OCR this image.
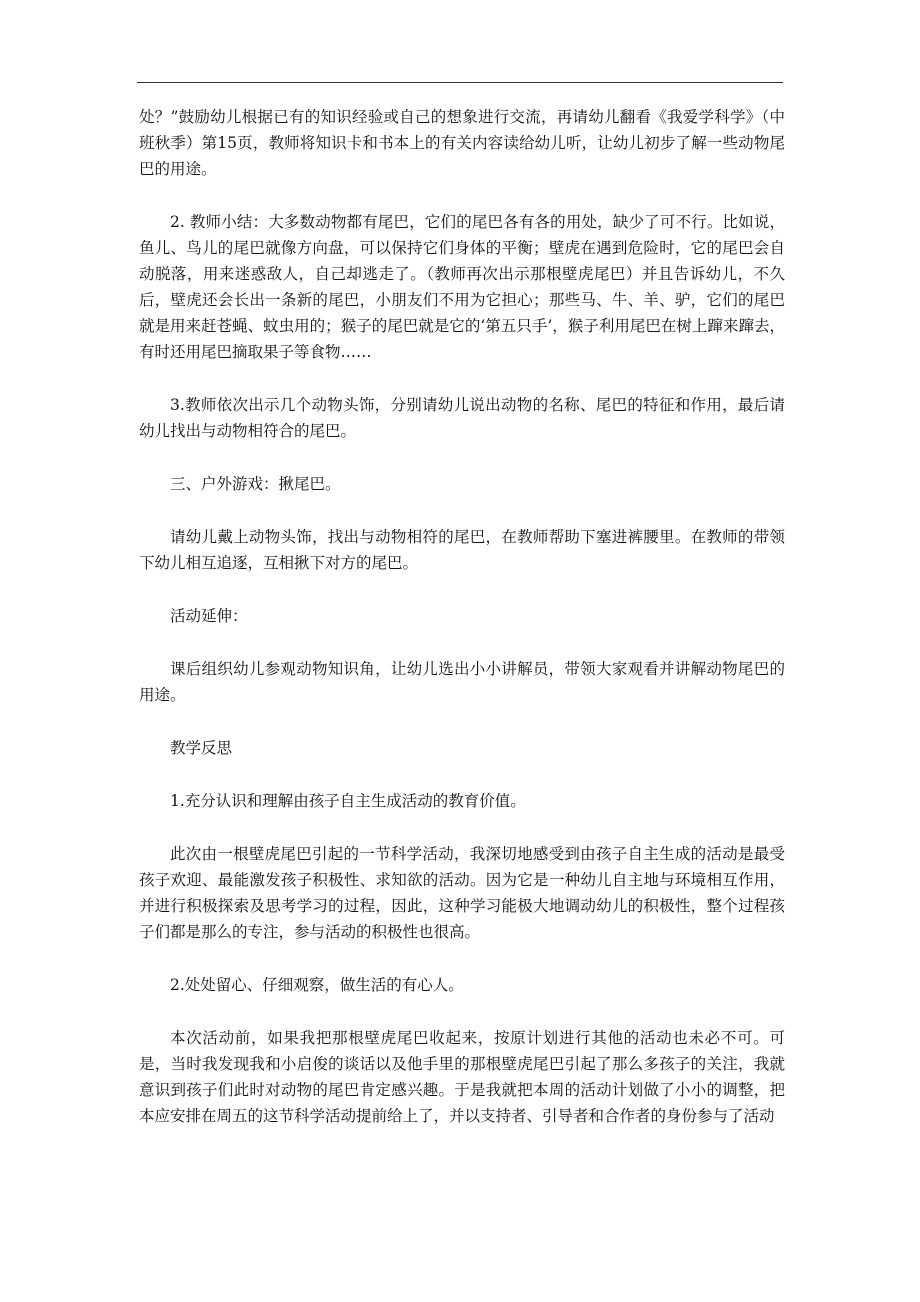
处？”鼓励幼儿根据已有的知识经验或自己的想象进行交流，再请幼儿翻看《我爱学科学》（中班秋季）第15页，教师将知识卡和书本上的有关内容读给幼儿听，让幼儿初步了解一些动物尾巴的用途。

2. 教师小结：大多数动物都有尾巴，它们的尾巴各有各的用处，缺少了可不行。比如说，鱼儿、鸟儿的尾巴就像方向盘，可以保持它们身体的平衡；壁虎在遇到危险时，它的尾巴会自动脱落，用来迷惑敌人，自己却逃走了。（教师再次出示那根壁虎尾巴）并且告诉幼儿，不久后，壁虎还会长出一条新的尾巴，小朋友们不用为它担心；那些马、牛、羊、驴，它们的尾巴就是用来赶苍蝇、蚊虫用的；猴子的尾巴就是它的‘第五只手’，猴子利用尾巴在树上蹿来蹿去，有时还用尾巴摘取果子等食物……

3.教师依次出示几个动物头饰，分别请幼儿说出动物的名称、尾巴的特征和作用，最后请幼儿找出与动物相符合的尾巴。

三、户外游戏：揪尾巴。

请幼儿戴上动物头饰，找出与动物相符的尾巴，在教师帮助下塞进裤腰里。在教师的带领下幼儿相互追逐，互相揪下对方的尾巴。

活动延伸：

课后组织幼儿参观动物知识角，让幼儿选出小小讲解员，带领大家观看并讲解动物尾巴的用途。

教学反思

1.充分认识和理解由孩子自主生成活动的教育价值。

此次由一根壁虎尾巴引起的一节科学活动，我深切地感受到由孩子自主生成的活动是最受孩子欢迎、最能激发孩子积极性、求知欲的活动。因为它是一种幼儿自主地与环境相互作用，并进行积极探索及思考学习的过程，因此，这种学习能极大地调动幼儿的积极性，整个过程孩子们都是那么的专注，参与活动的积极性也很高。

2.处处留心、仔细观察，做生活的有心人。

本次活动前，如果我把那根壁虎尾巴收起来，按原计划进行其他的活动也未必不可。可是，当时我发现我和小启俊的谈话以及他手里的那根壁虎尾巴引起了那么多孩子的关注，我就意识到孩子们此时对动物的尾巴肯定感兴趣。于是我就把本周的活动计划做了小小的调整，把本应安排在周五的这节科学活动提前给上了，并以支持者、引导者和合作者的身份参与了活动
